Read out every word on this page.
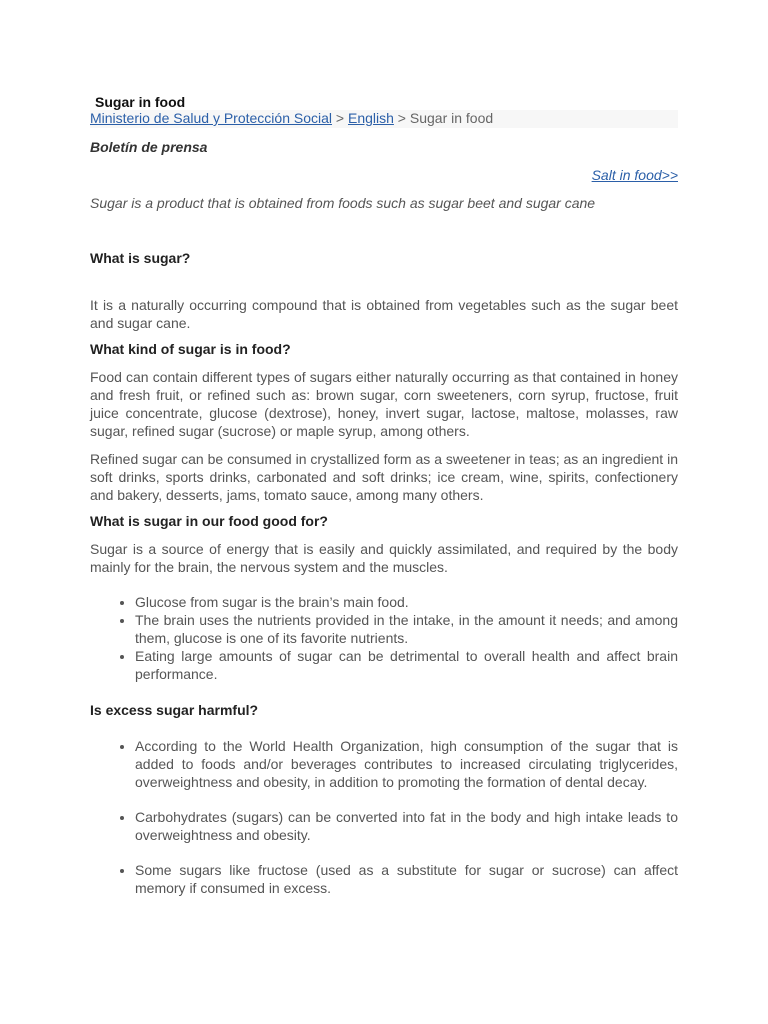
Sugar in food
Ministerio de Salud y Protección Social > English > Sugar in food
Boletín de prensa
Salt in food>>
Sugar is a product that is obtained from foods such as sugar beet and sugar cane
What is sugar?

It is a naturally occurring compound that is obtained from vegetables such as the sugar beet and sugar cane.

What kind of sugar is in food?

Food can contain different types of sugars either naturally occurring as that contained in honey and fresh fruit, or refined such as: brown sugar, corn sweeteners, corn syrup, fructose, fruit juice concentrate, glucose (dextrose), honey, invert sugar, lactose, maltose, molasses, raw sugar, refined sugar (sucrose) or maple syrup, among others.

Refined sugar can be consumed in crystallized form as a sweetener in teas; as an ingredient in soft drinks, sports drinks, carbonated and soft drinks; ice cream, wine, spirits, confectionery and bakery, desserts, jams, tomato sauce, among many others.

What is sugar in our food good for?

Sugar is a source of energy that is easily and quickly assimilated, and required by the body mainly for the brain, the nervous system and the muscles.

• Glucose from sugar is the brain’s main food.
• The brain uses the nutrients provided in the intake, in the amount it needs; and among them, glucose is one of its favorite nutrients.
• Eating large amounts of sugar can be detrimental to overall health and affect brain performance.
Is excess sugar harmful?
• According to the World Health Organization, high consumption of the sugar that is added to foods and/or beverages contributes to increased circulating triglycerides, overweightness and obesity, in addition to promoting the formation of dental decay.
• Carbohydrates (sugars) can be converted into fat in the body and high intake leads to overweightness and obesity.
• Some sugars like fructose (used as a substitute for sugar or sucrose) can affect memory if consumed in excess.
